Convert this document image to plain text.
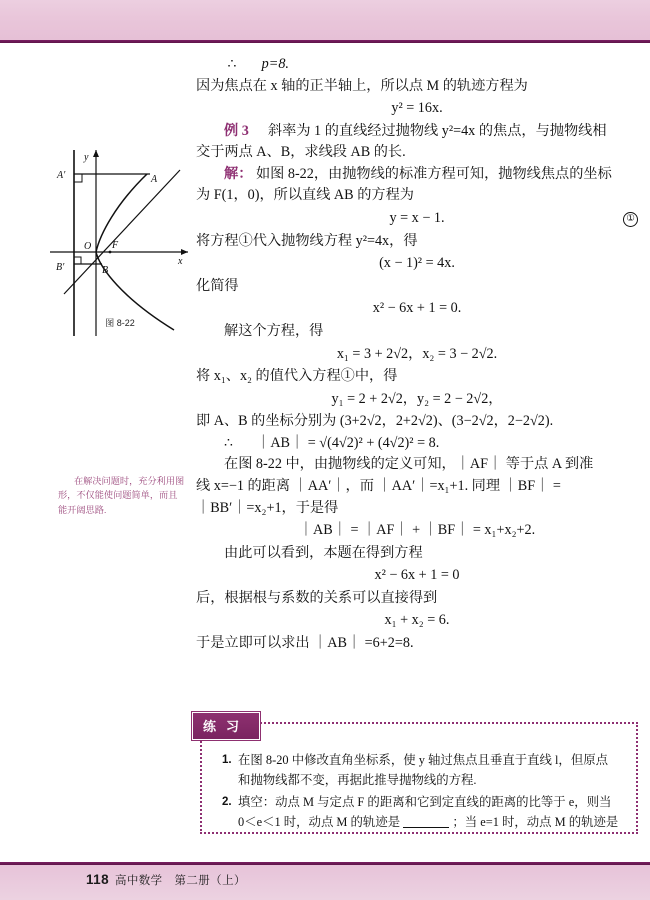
y
x
O F
A
A′
B
B′
图 8-22
在解决问题时，充分利用图形，不仅能使问题简单，而且能开阔思路.
∴ p=8.
因为焦点在 x 轴的正半轴上，所以点 M 的轨迹方程为
y² = 16x.
例 3 斜率为 1 的直线经过抛物线 y²=4x 的焦点，与抛物线相
交于两点 A、B，求线段 AB 的长.
解： 如图 8-22，由抛物线的标准方程可知，抛物线焦点的坐标
为 F(1，0)，所以直线 AB 的方程为
y = x − 1.	①
将方程①代入抛物线方程 y²=4x，得
(x − 1)² = 4x.
化简得
x² − 6x + 1 = 0.
解这个方程，得
x₁ = 3 + 2√2，x₂ = 3 − 2√2.
将 x₁、x₂ 的值代入方程①中，得
y₁ = 2 + 2√2，y₂ = 2 − 2√2，
即 A、B 的坐标分别为 (3+2√2，2+2√2)、(3−2√2，2−2√2).
∴ ｜AB｜ = √(4√2)² + (4√2)² = 8.
在图 8-22 中，由抛物线的定义可知，｜AF｜ 等于点 A 到准
线 x=−1 的距离 ｜AA′｜，而 ｜AA′｜=x₁+1. 同理 ｜BF｜ =
｜BB′｜=x₂+1，于是得
｜AB｜ = ｜AF｜ + ｜BF｜ = x₁+x₂+2.
由此可以看到，本题在得到方程
x² − 6x + 1 = 0
后，根据根与系数的关系可以直接得到
x₁ + x₂ = 6.
于是立即可以求出 ｜AB｜ =6+2=8.
练习
1. 在图 8-20 中修改直角坐标系，使 y 轴过焦点且垂直于直线 l，但原点
和抛物线都不变，再据此推导抛物线的方程.
2. 填空：动点 M 与定点 F 的距离和它到定直线的距离的比等于 e，则当
0＜e＜1 时，动点 M 的轨迹是	；当 e=1 时，动点 M 的轨迹是
118 高中数学　第二册（上）
